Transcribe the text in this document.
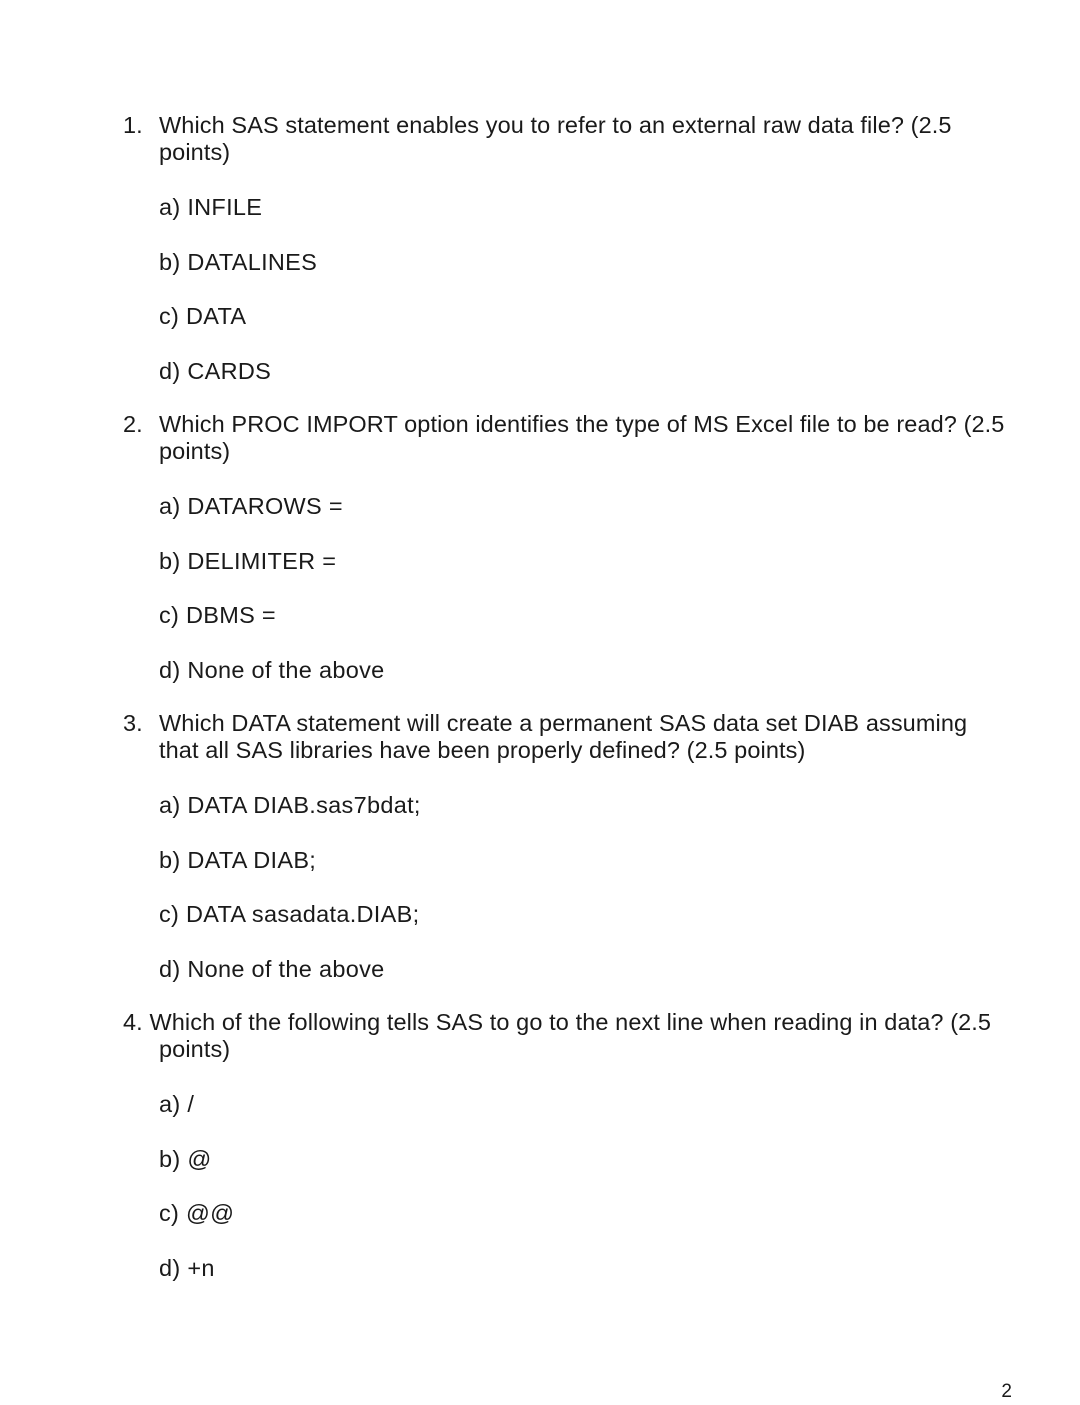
1. Which SAS statement enables you to refer to an external raw data file? (2.5
points)
a) INFILE
b) DATALINES
c) DATA
d) CARDS
2. Which PROC IMPORT option identifies the type of MS Excel file to be read? (2.5
points)
a) DATAROWS =
b) DELIMITER =
c) DBMS =
d) None of the above
3. Which DATA statement will create a permanent SAS data set DIAB assuming
that all SAS libraries have been properly defined? (2.5 points)
a) DATA DIAB.sas7bdat;
b) DATA DIAB;
c) DATA sasadata.DIAB;
d) None of the above
4. Which of the following tells SAS to go to the next line when reading in data? (2.5
points)
a) /
b) @
c) @@
d) +n
2
